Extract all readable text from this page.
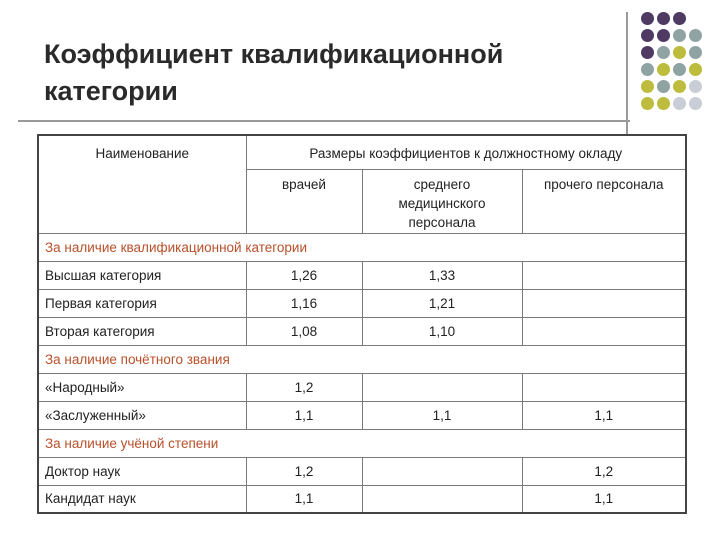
Коэффициент квалификационной категории
Наименование	Размеры коэффициентов к должностному окладу		
	врачей	среднего медицинского персонала	прочего персонала
За наличие квалификационной категории			
Высшая категория	1,26	1,33	
Первая категория	1,16	1,21	
Вторая категория	1,08	1,10	
За наличие почётного звания			
«Народный»	1,2		
«Заслуженный»	1,1	1,1	1,1
За наличие учёной степени			
Доктор наук	1,2		1,2
Кандидат наук	1,1		1,1
